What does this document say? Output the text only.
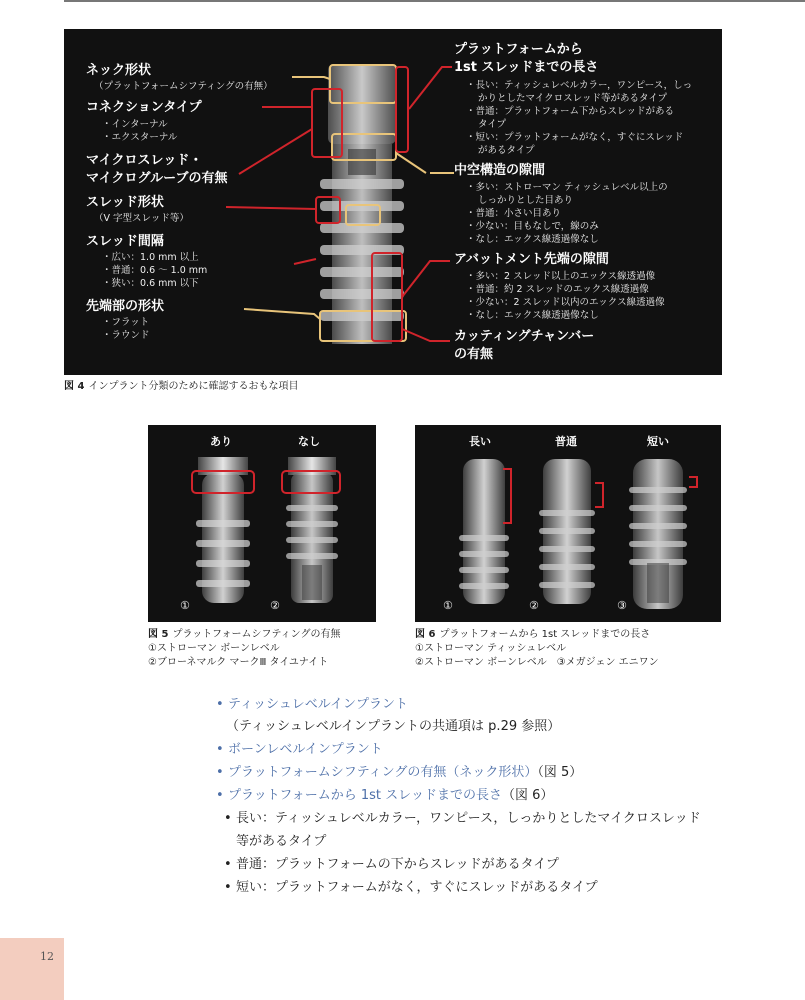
ネック形状
（プラットフォームシフティングの有無）
コネクションタイプ
・インターナル
・エクスターナル
マイクロスレッド・
マイクログルーブの有無
スレッド形状
（V 字型スレッド等）
スレッド間隔
・広い：1.0 mm 以上
・普通：0.6 〜 1.0 mm
・狭い：0.6 mm 以下
先端部の形状
・フラット
・ラウンド
プラットフォームから
1st スレッドまでの長さ
・長い：ティッシュレベルカラー，ワンピース，しっ
かりとしたマイクロスレッド等があるタイプ
・普通：プラットフォーム下からスレッドがある
タイプ
・短い：プラットフォームがなく，すぐにスレッド
があるタイプ
中空構造の隙間
・多い：ストローマン ティッシュレベル以上の
しっかりとした目あり
・普通：小さい目あり
・少ない：目もなしで，線のみ
・なし：エックス線透過像なし
アバットメント先端の隙間
・多い：2 スレッド以上のエックス線透過像
・普通：約 2 スレッドのエックス線透過像
・少ない：2 スレッド以内のエックス線透過像
・なし：エックス線透過像なし
カッティングチャンバー
の有無
図 4 インプラント分類のために確認するおもな項目
あり	なし
①	②
図 5 プラットフォームシフティングの有無
①ストローマン ボーンレベル
②ブローネマルク マークⅢ タイユナイト
長い	普通	短い
①	②	③
図 6 プラットフォームから 1st スレッドまでの長さ
①ストローマン ティッシュレベル
②ストローマン ボーンレベル　③メガジェン エニワン
• ティッシュレベルインプラント
（ティッシュレベルインプラントの共通項は p.29 参照）
• ボーンレベルインプラント
• プラットフォームシフティングの有無（ネック形状）（図 5）
• プラットフォームから 1st スレッドまでの長さ（図 6）
• 長い：ティッシュレベルカラー，ワンピース，しっかりとしたマイクロスレッド
等があるタイプ
• 普通：プラットフォームの下からスレッドがあるタイプ
• 短い：プラットフォームがなく，すぐにスレッドがあるタイプ
12
